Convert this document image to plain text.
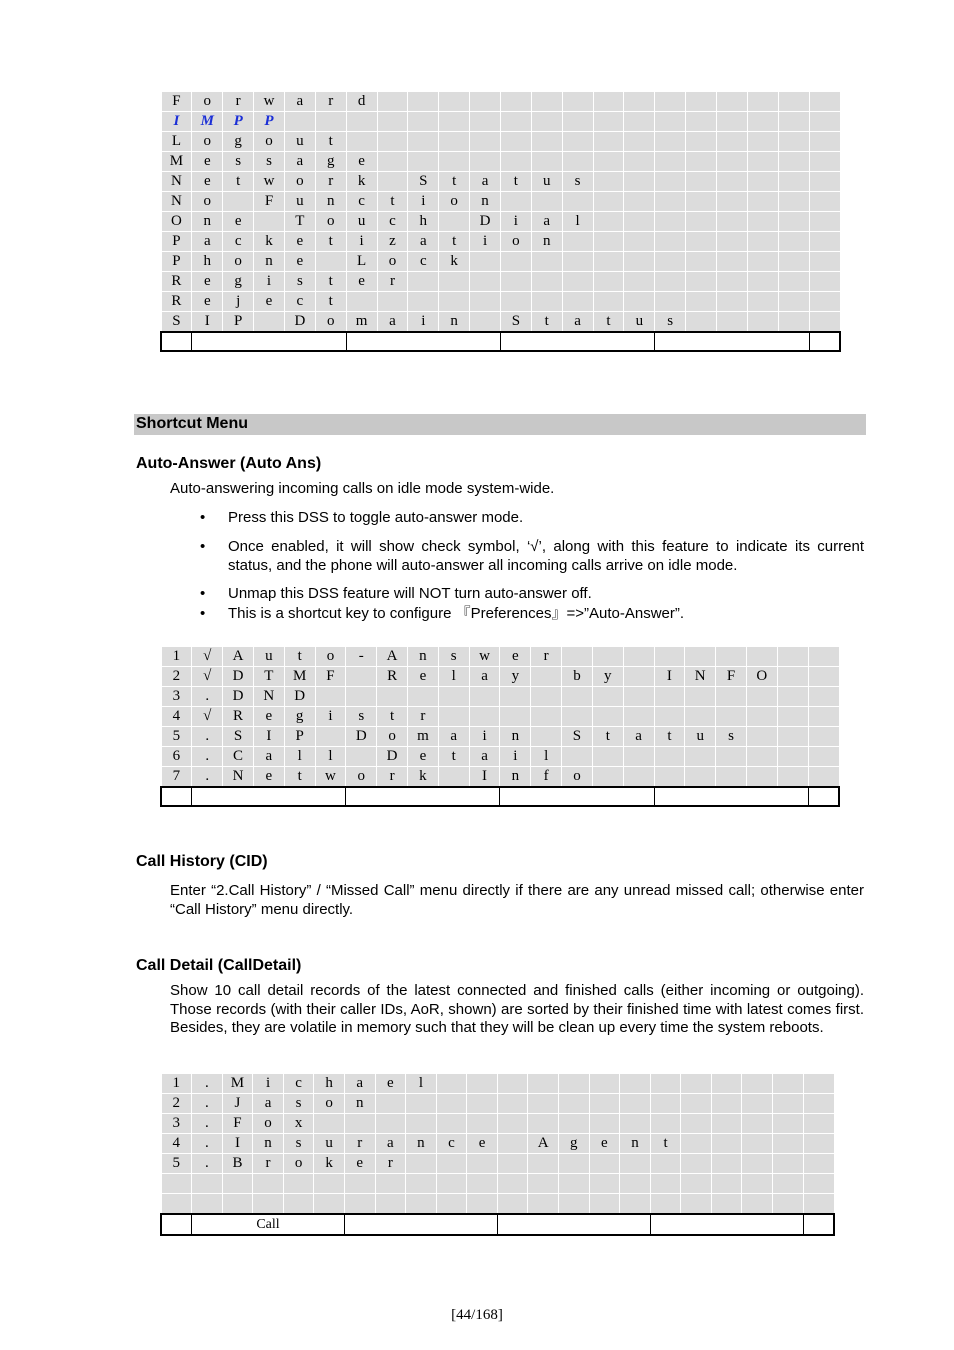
F	o	r	w	a	r	d															
I	M	P	P																		
L	o	g	o	u	t																
M	e	s	s	a	g	e															
N	e	t	w	o	r	k		S	t	a	t	u	s								
N	o		F	u	n	c	t	i	o	n											
O	n	e		T	o	u	c	h		D	i	a	l								
P	a	c	k	e	t	i	z	a	t	i	o	n									
P	h	o	n	e		L	o	c	k												
R	e	g	i	s	t	e	r														
R	e	j	e	c	t																
S	I	P		D	o	m	a	i	n		S	t	a	t	u	s					

Shortcut Menu
Auto-Answer (Auto Ans)

Auto-answering incoming calls on idle mode system-wide.

• Press this DSS to toggle auto-answer mode.
• Once enabled, it will show check symbol, ‘√’, along with this feature to indicate its current status, and the phone will auto-answer all incoming calls arrive on idle mode.
• Unmap this DSS feature will NOT turn auto-answer off.
• This is a shortcut key to configure 『Preferences』=>”Auto-Answer”.
1	√	A	u	t	o	-	A	n	s	w	e	r									
2	√	D	T	M	F		R	e	l	a	y		b	y		I	N	F	O		
3	.	D	N	D																	
4	√	R	e	g	i	s	t	r													
5	.	S	I	P		D	o	m	a	i	n		S	t	a	t	u	s			
6	.	C	a	l	l		D	e	t	a	i	l									
7	.	N	e	t	w	o	r	k		I	n	f	o								

Call History (CID)

Enter “2.Call History” / “Missed Call” menu directly if there are any unread missed call; otherwise enter “Call History” menu directly.

Call Detail (CallDetail)

Show 10 call detail records of the latest connected and finished calls (either incoming or outgoing). Those records (with their caller IDs, AoR, shown) are sorted by their finished time with latest comes first. Besides, they are volatile in memory such that they will be clean up every time the system reboots.

1	.	M	i	c	h	a	e	l													
2	.	J	a	s	o	n															
3	.	F	o	x																	
4	.	I	n	s	u	r	a	n	c	e		A	g	e	n	t					
5	.	B	r	o	k	e	r														

	Call																				
[44/168]
